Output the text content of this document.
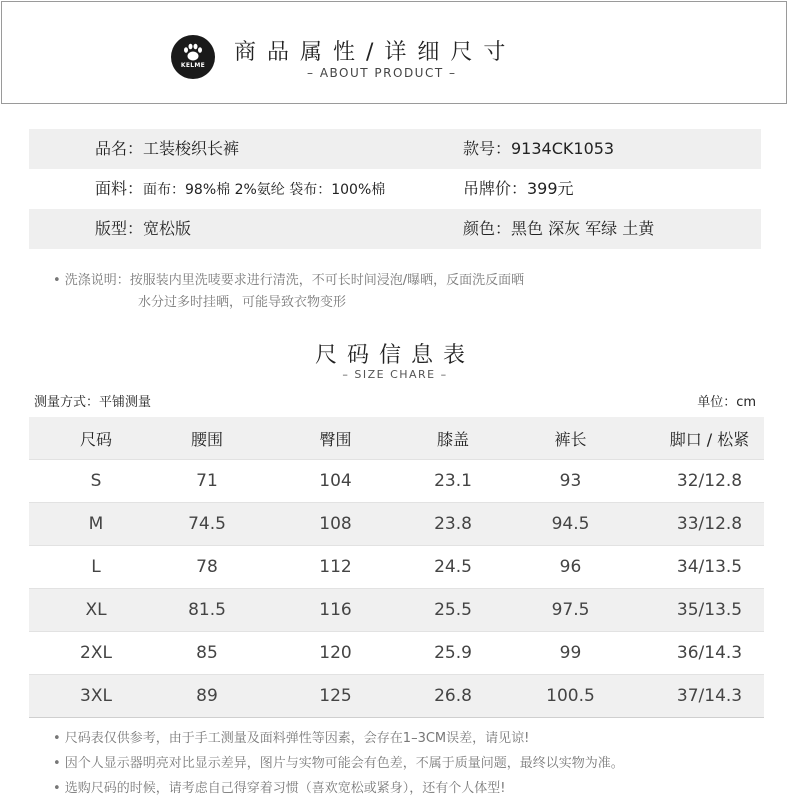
KELME
商品属性/详细尺寸
– ABOUT PRODUCT –
品名：工装梭织长裤	款号：9134CK1053
面料：面布：98%棉 2%氨纶 袋布：100%棉	吊牌价：399元
版型：宽松版	颜色：黑色 深灰 军绿 土黄
• 洗涤说明：按服装内里洗唛要求进行清洗，不可长时间浸泡/曝晒，反面洗反面晒
水分过多时挂晒，可能导致衣物变形
尺码信息表
– SIZE CHARE –
测量方式：平铺测量	单位：cm
尺码	腰围	臀围	膝盖	裤长	脚口 / 松紧
S	71	104	23.1	93	32/12.8
M	74.5	108	23.8	94.5	33/12.8
L	78	112	24.5	96	34/13.5
XL	81.5	116	25.5	97.5	35/13.5
2XL	85	120	25.9	99	36/14.3
3XL	89	125	26.8	100.5	37/14.3
• 尺码表仅供参考，由于手工测量及面料弹性等因素，会存在1–3CM误差，请见谅!
• 因个人显示器明亮对比显示差异，图片与实物可能会有色差，不属于质量问题，最终以实物为准。
• 选购尺码的时候，请考虑自己得穿着习惯（喜欢宽松或紧身），还有个人体型!
